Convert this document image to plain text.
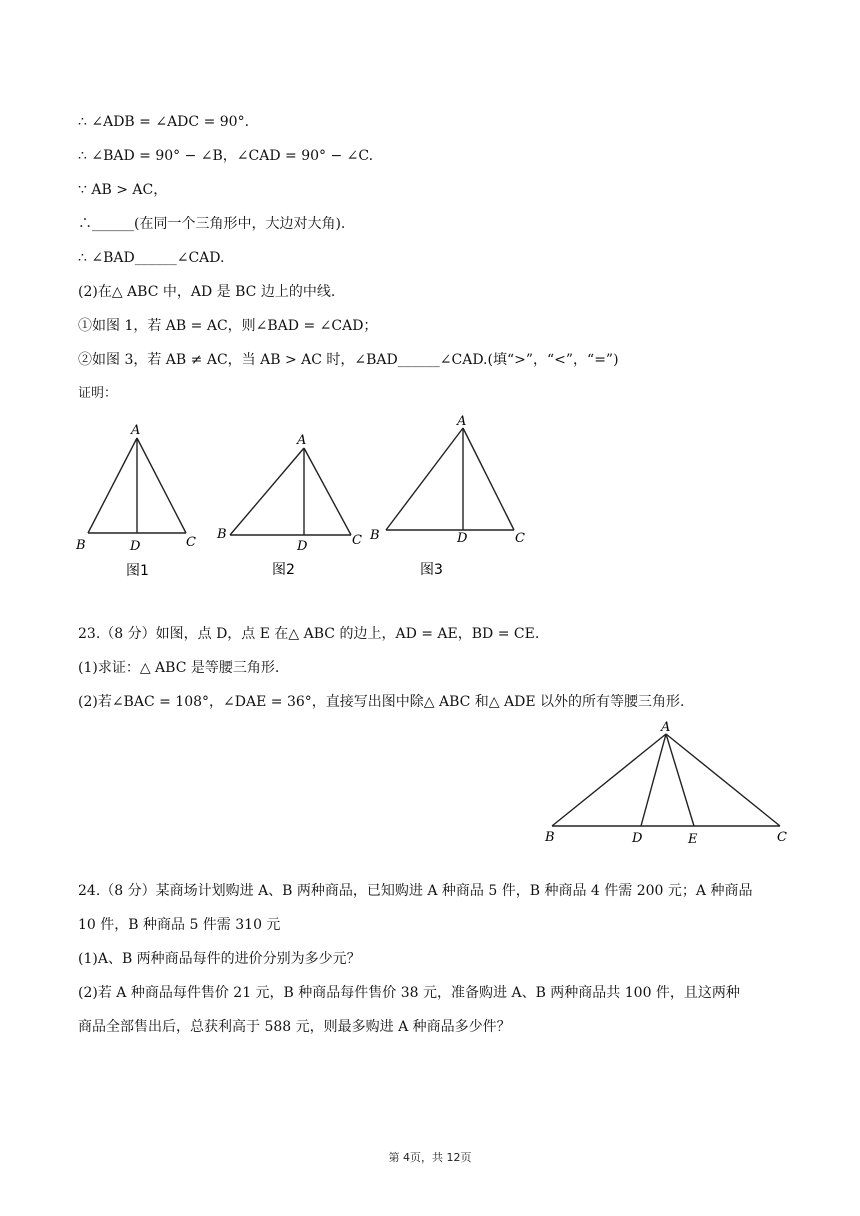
∴ ∠ADB = ∠ADC = 90°.
∴ ∠BAD = 90° − ∠B，∠CAD = 90° − ∠C.
∵ AB > AC，
∴______(在同一个三角形中，大边对大角).
∴ ∠BAD______∠CAD.
(2)在△ ABC 中，AD 是 BC 边上的中线.
①如图 1，若 AB = AC，则∠BAD = ∠CAD；
②如图 3，若 AB ≠ AC，当 AB > AC 时，∠BAD______∠CAD.(填“>”，“<”，“=”)
证明：
A
B	D	C
图1
A
B
D	C
图2
A
B	D	C
图3
23.（8 分）如图，点 D，点 E 在△ ABC 的边上，AD = AE，BD = CE.
(1)求证：△ ABC 是等腰三角形.
(2)若∠BAC = 108°，∠DAE = 36°，直接写出图中除△ ABC 和△ ADE 以外的所有等腰三角形.
A
B	D	E	C
24.（8 分）某商场计划购进 A、B 两种商品，已知购进 A 种商品 5 件，B 种商品 4 件需 200 元；A 种商品
10 件，B 种商品 5 件需 310 元
(1)A、B 两种商品每件的进价分别为多少元？
(2)若 A 种商品每件售价 21 元，B 种商品每件售价 38 元，准备购进 A、B 两种商品共 100 件，且这两种
商品全部售出后，总获利高于 588 元，则最多购进 A 种商品多少件？
第 4页，共 12页
